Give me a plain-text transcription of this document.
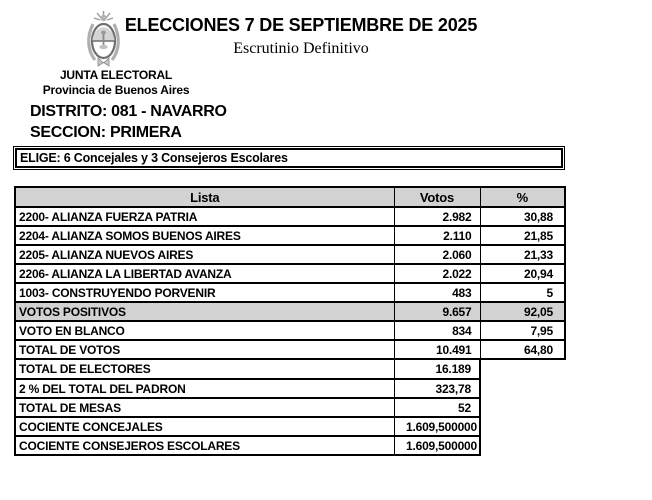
ELECCIONES 7 DE SEPTIEMBRE DE 2025
Escrutinio Definitivo
JUNTA ELECTORAL
Provincia de Buenos Aires
DISTRITO: 081 - NAVARRO
SECCION: PRIMERA
ELIGE: 6 Concejales y 3 Consejeros Escolares
Lista	Votos	%
2200- ALIANZA FUERZA PATRIA	2.982	30,88
2204- ALIANZA SOMOS BUENOS AIRES	2.110	21,85
2205- ALIANZA NUEVOS AIRES	2.060	21,33
2206- ALIANZA LA LIBERTAD AVANZA	2.022	20,94
1003- CONSTRUYENDO PORVENIR	483	5
VOTOS POSITIVOS	9.657	92,05
VOTO EN BLANCO	834	7,95
TOTAL DE VOTOS	10.491	64,80
TOTAL DE ELECTORES	16.189
2 % DEL TOTAL DEL PADRON	323,78
TOTAL DE MESAS	52
COCIENTE CONCEJALES	1.609,500000
COCIENTE CONSEJEROS ESCOLARES	1.609,500000
